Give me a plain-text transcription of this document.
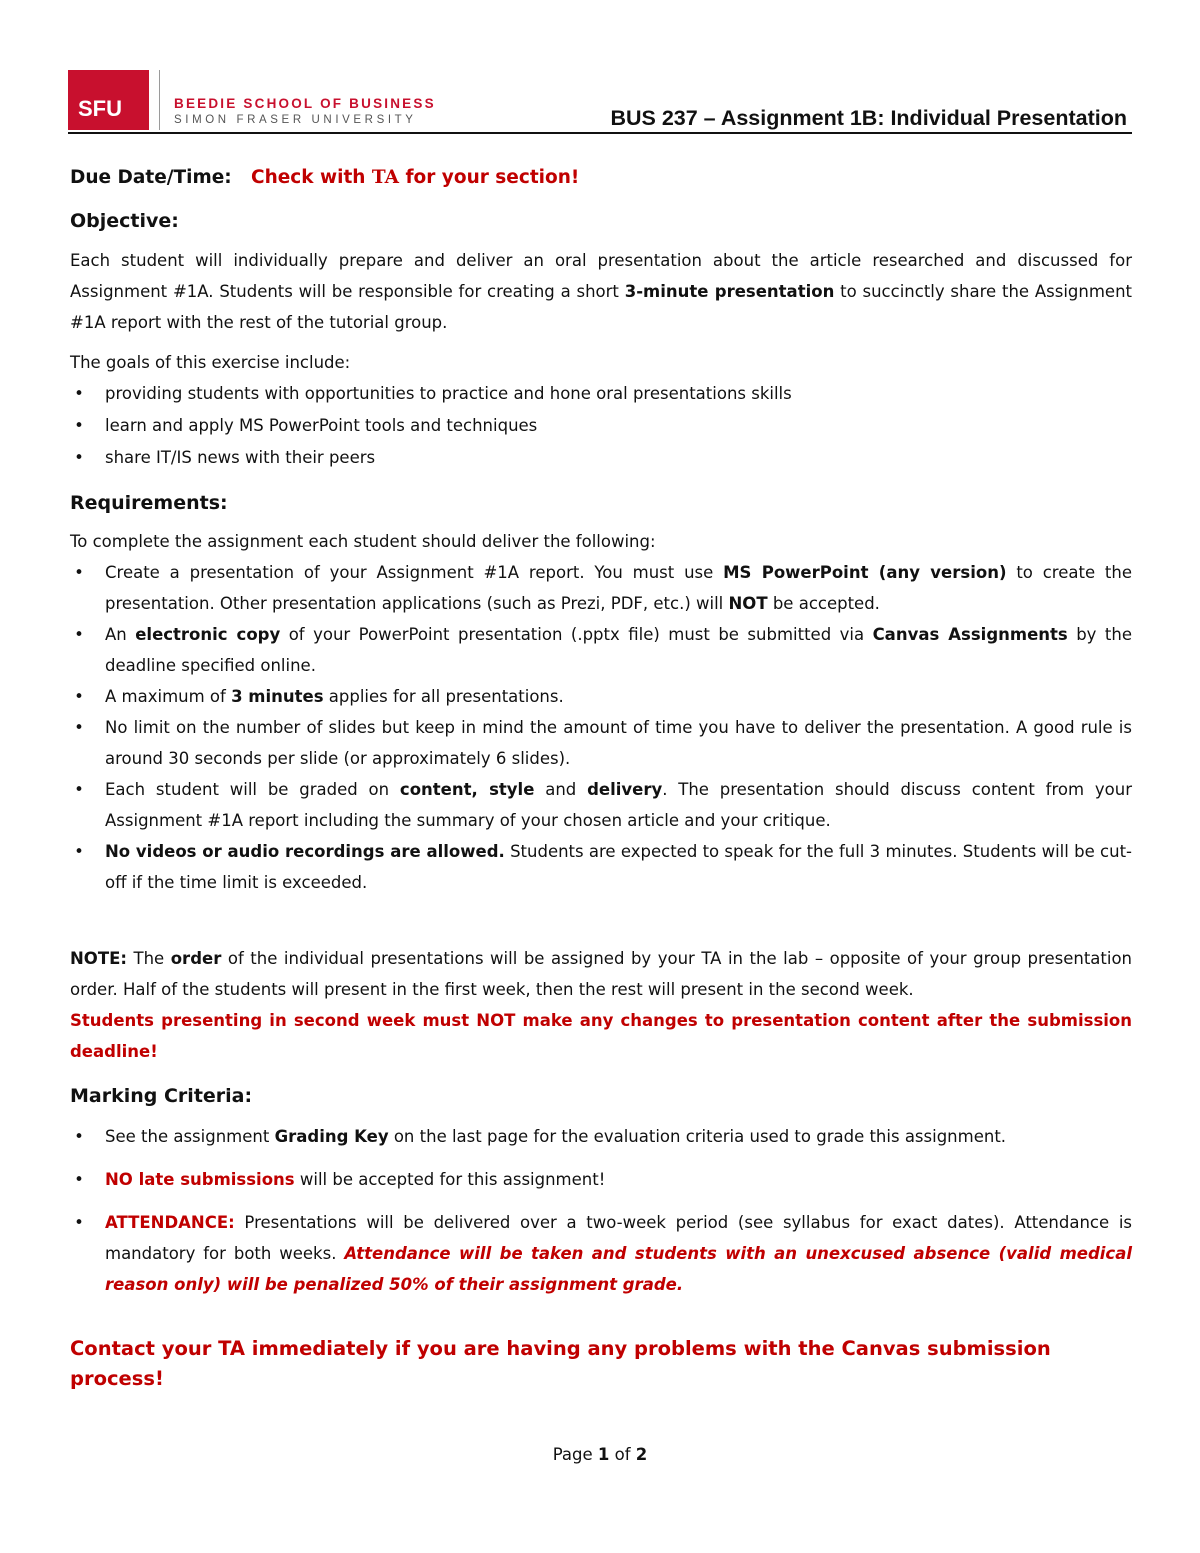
SFU	BEEDIE SCHOOL OF BUSINESS
SIMON FRASER UNIVERSITY	BUS 237 – Assignment 1B: Individual Presentation
Due Date/Time: Check with TA for your section!
Objective:

Each student will individually prepare and deliver an oral presentation about the article researched and discussed for Assignment #1A. Students will be responsible for creating a short 3-minute presentation to succinctly share the Assignment #1A report with the rest of the tutorial group.

The goals of this exercise include:

• providing students with opportunities to practice and hone oral presentations skills
• learn and apply MS PowerPoint tools and techniques
• share IT/IS news with their peers
Requirements:

To complete the assignment each student should deliver the following:

• Create a presentation of your Assignment #1A report. You must use MS PowerPoint (any version) to create the presentation. Other presentation applications (such as Prezi, PDF, etc.) will NOT be accepted.
• An electronic copy of your PowerPoint presentation (.pptx file) must be submitted via Canvas Assignments by the deadline specified online.
• A maximum of 3 minutes applies for all presentations.
• No limit on the number of slides but keep in mind the amount of time you have to deliver the presentation. A good rule is around 30 seconds per slide (or approximately 6 slides).
• Each student will be graded on content, style and delivery. The presentation should discuss content from your Assignment #1A report including the summary of your chosen article and your critique.
• No videos or audio recordings are allowed. Students are expected to speak for the full 3 minutes. Students will be cut-off if the time limit is exceeded.

NOTE: The order of the individual presentations will be assigned by your TA in the lab – opposite of your group presentation order. Half of the students will present in the first week, then the rest will present in the second week.

Students presenting in second week must NOT make any changes to presentation content after the submission deadline!

Marking Criteria:
• See the assignment Grading Key on the last page for the evaluation criteria used to grade this assignment.
• NO late submissions will be accepted for this assignment!
• ATTENDANCE: Presentations will be delivered over a two-week period (see syllabus for exact dates). Attendance is mandatory for both weeks. Attendance will be taken and students with an unexcused absence (valid medical reason only) will be penalized 50% of their assignment grade.

Contact your TA immediately if you are having any problems with the Canvas submission process!

Page 1 of 2
